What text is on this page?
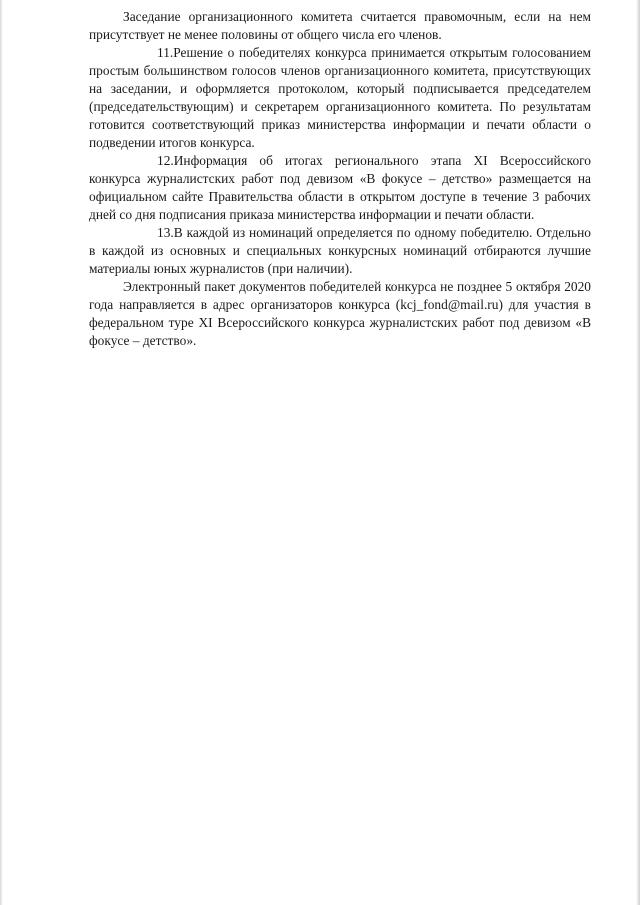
Заседание организационного комитета считается правомочным, если на нем присутствует не менее половины от общего числа его членов.

11.Решение о победителях конкурса принимается открытым голосованием простым большинством голосов членов организационного комитета, присутствующих на заседании, и оформляется протоколом, который подписывается председателем (председательствующим) и секретарем организационного комитета. По результатам готовится соответствующий приказ министерства информации и печати области о подведении итогов конкурса.

12.Информация об итогах регионального этапа XI Всероссийского конкурса журналистских работ под девизом «В фокусе – детство» размещается на официальном сайте Правительства области в открытом доступе в течение 3 рабочих дней со дня подписания приказа министерства информации и печати области.

13.В каждой из номинаций определяется по одному победителю. Отдельно в каждой из основных и специальных конкурсных номинаций отбираются лучшие материалы юных журналистов (при наличии).

Электронный пакет документов победителей конкурса не позднее 5 октября 2020 года направляется в адрес организаторов конкурса (kcj_fond@mail.ru) для участия в федеральном туре XI Всероссийского конкурса журналистских работ под девизом «В фокусе – детство».
